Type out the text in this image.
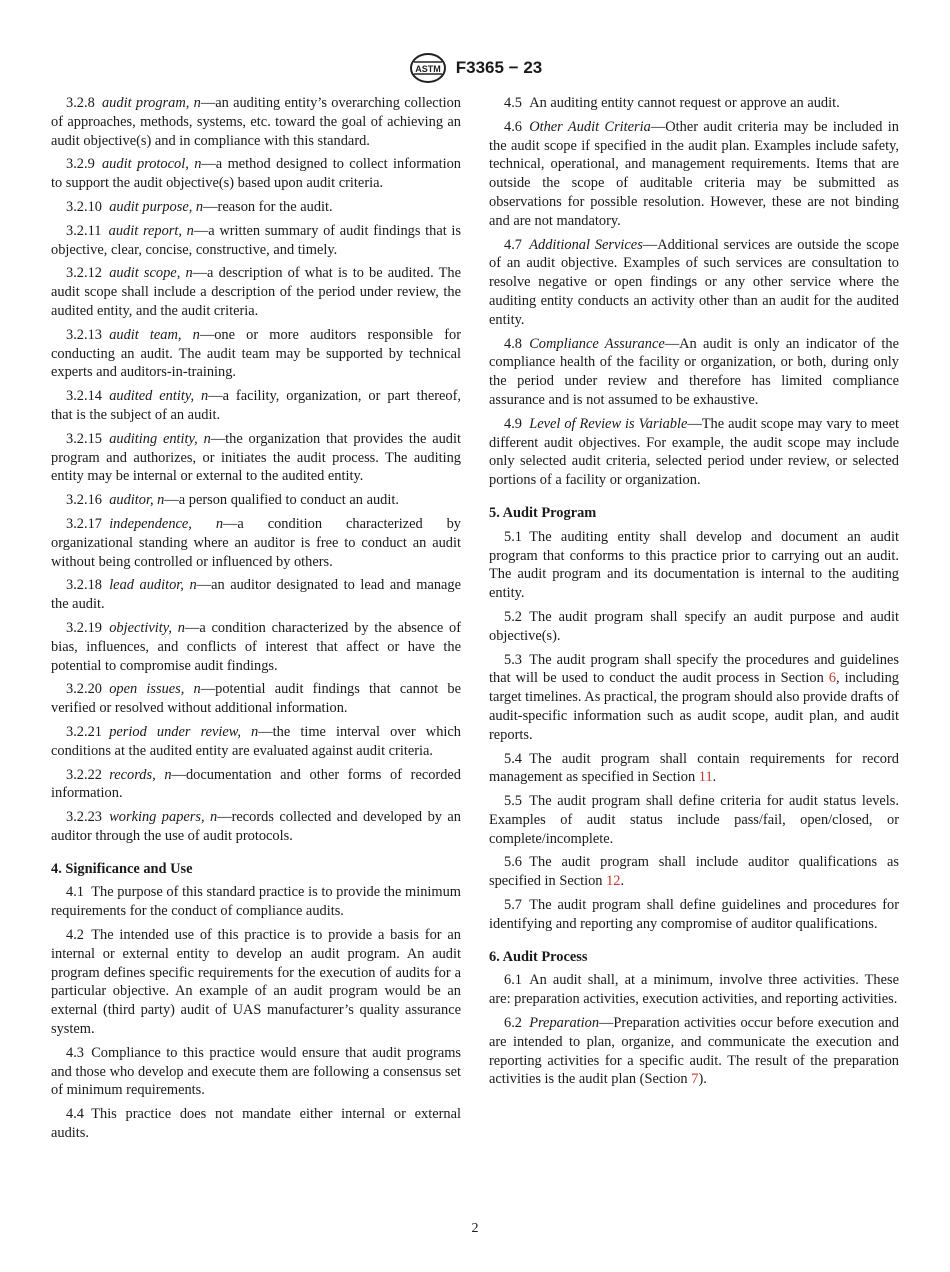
ASTM F3365 − 23

3.2.8  audit program, n—an auditing entity’s overarching collection of approaches, methods, systems, etc. toward the goal of achieving an audit objective(s) and in compliance with this standard.

3.2.9  audit protocol, n—a method designed to collect information to support the audit objective(s) based upon audit criteria.

3.2.10  audit purpose, n—reason for the audit.

3.2.11  audit report, n—a written summary of audit findings that is objective, clear, concise, constructive, and timely.

3.2.12  audit scope, n—a description of what is to be audited. The audit scope shall include a description of the period under review, the audited entity, and the audit criteria.

3.2.13  audit team, n—one or more auditors responsible for conducting an audit. The audit team may be supported by technical experts and auditors-in-training.

3.2.14  audited entity, n—a facility, organization, or part thereof, that is the subject of an audit.

3.2.15  auditing entity, n—the organization that provides the audit program and authorizes, or initiates the audit process. The auditing entity may be internal or external to the audited entity.

3.2.16  auditor, n—a person qualified to conduct an audit.

3.2.17  independence, n—a condition characterized by organizational standing where an auditor is free to conduct an audit without being controlled or influenced by others.

3.2.18  lead auditor, n—an auditor designated to lead and manage the audit.

3.2.19  objectivity, n—a condition characterized by the absence of bias, influences, and conflicts of interest that affect or have the potential to compromise audit findings.

3.2.20  open issues, n—potential audit findings that cannot be verified or resolved without additional information.

3.2.21  period under review, n—the time interval over which conditions at the audited entity are evaluated against audit criteria.

3.2.22  records, n—documentation and other forms of recorded information.

3.2.23  working papers, n—records collected and developed by an auditor through the use of audit protocols.

4. Significance and Use

4.1  The purpose of this standard practice is to provide the minimum requirements for the conduct of compliance audits.

4.2  The intended use of this practice is to provide a basis for an internal or external entity to develop an audit program. An audit program defines specific requirements for the execution of audits for a particular objective. An example of an audit program would be an external (third party) audit of UAS manufacturer’s quality assurance system.

4.3  Compliance to this practice would ensure that audit programs and those who develop and execute them are following a consensus set of minimum requirements.

4.4  This practice does not mandate either internal or external audits.

4.5  An auditing entity cannot request or approve an audit.

4.6  Other Audit Criteria—Other audit criteria may be included in the audit scope if specified in the audit plan. Examples include safety, technical, operational, and management requirements. Items that are outside the scope of auditable criteria may be submitted as observations for possible resolution. However, these are not binding and are not mandatory.

4.7  Additional Services—Additional services are outside the scope of an audit objective. Examples of such services are consultation to resolve negative or open findings or any other service where the auditing entity conducts an activity other than an audit for the audited entity.

4.8  Compliance Assurance—An audit is only an indicator of the compliance health of the facility or organization, or both, during only the period under review and therefore has limited compliance assurance and is not assumed to be exhaustive.

4.9  Level of Review is Variable—The audit scope may vary to meet different audit objectives. For example, the audit scope may include only selected audit criteria, selected period under review, or selected portions of a facility or organization.

5. Audit Program

5.1  The auditing entity shall develop and document an audit program that conforms to this practice prior to carrying out an audit. The audit program and its documentation is internal to the auditing entity.

5.2  The audit program shall specify an audit purpose and audit objective(s).

5.3  The audit program shall specify the procedures and guidelines that will be used to conduct the audit process in Section 6, including target timelines. As practical, the program should also provide drafts of audit-specific information such as audit scope, audit plan, and audit reports.

5.4  The audit program shall contain requirements for record management as specified in Section 11.

5.5  The audit program shall define criteria for audit status levels. Examples of audit status include pass/fail, open/closed, or complete/incomplete.

5.6  The audit program shall include auditor qualifications as specified in Section 12.

5.7  The audit program shall define guidelines and procedures for identifying and reporting any compromise of auditor qualifications.

6. Audit Process

6.1  An audit shall, at a minimum, involve three activities. These are: preparation activities, execution activities, and reporting activities.

6.2  Preparation—Preparation activities occur before execution and are intended to plan, organize, and communicate the execution and reporting activities for a specific audit. The result of the preparation activities is the audit plan (Section 7).

2
